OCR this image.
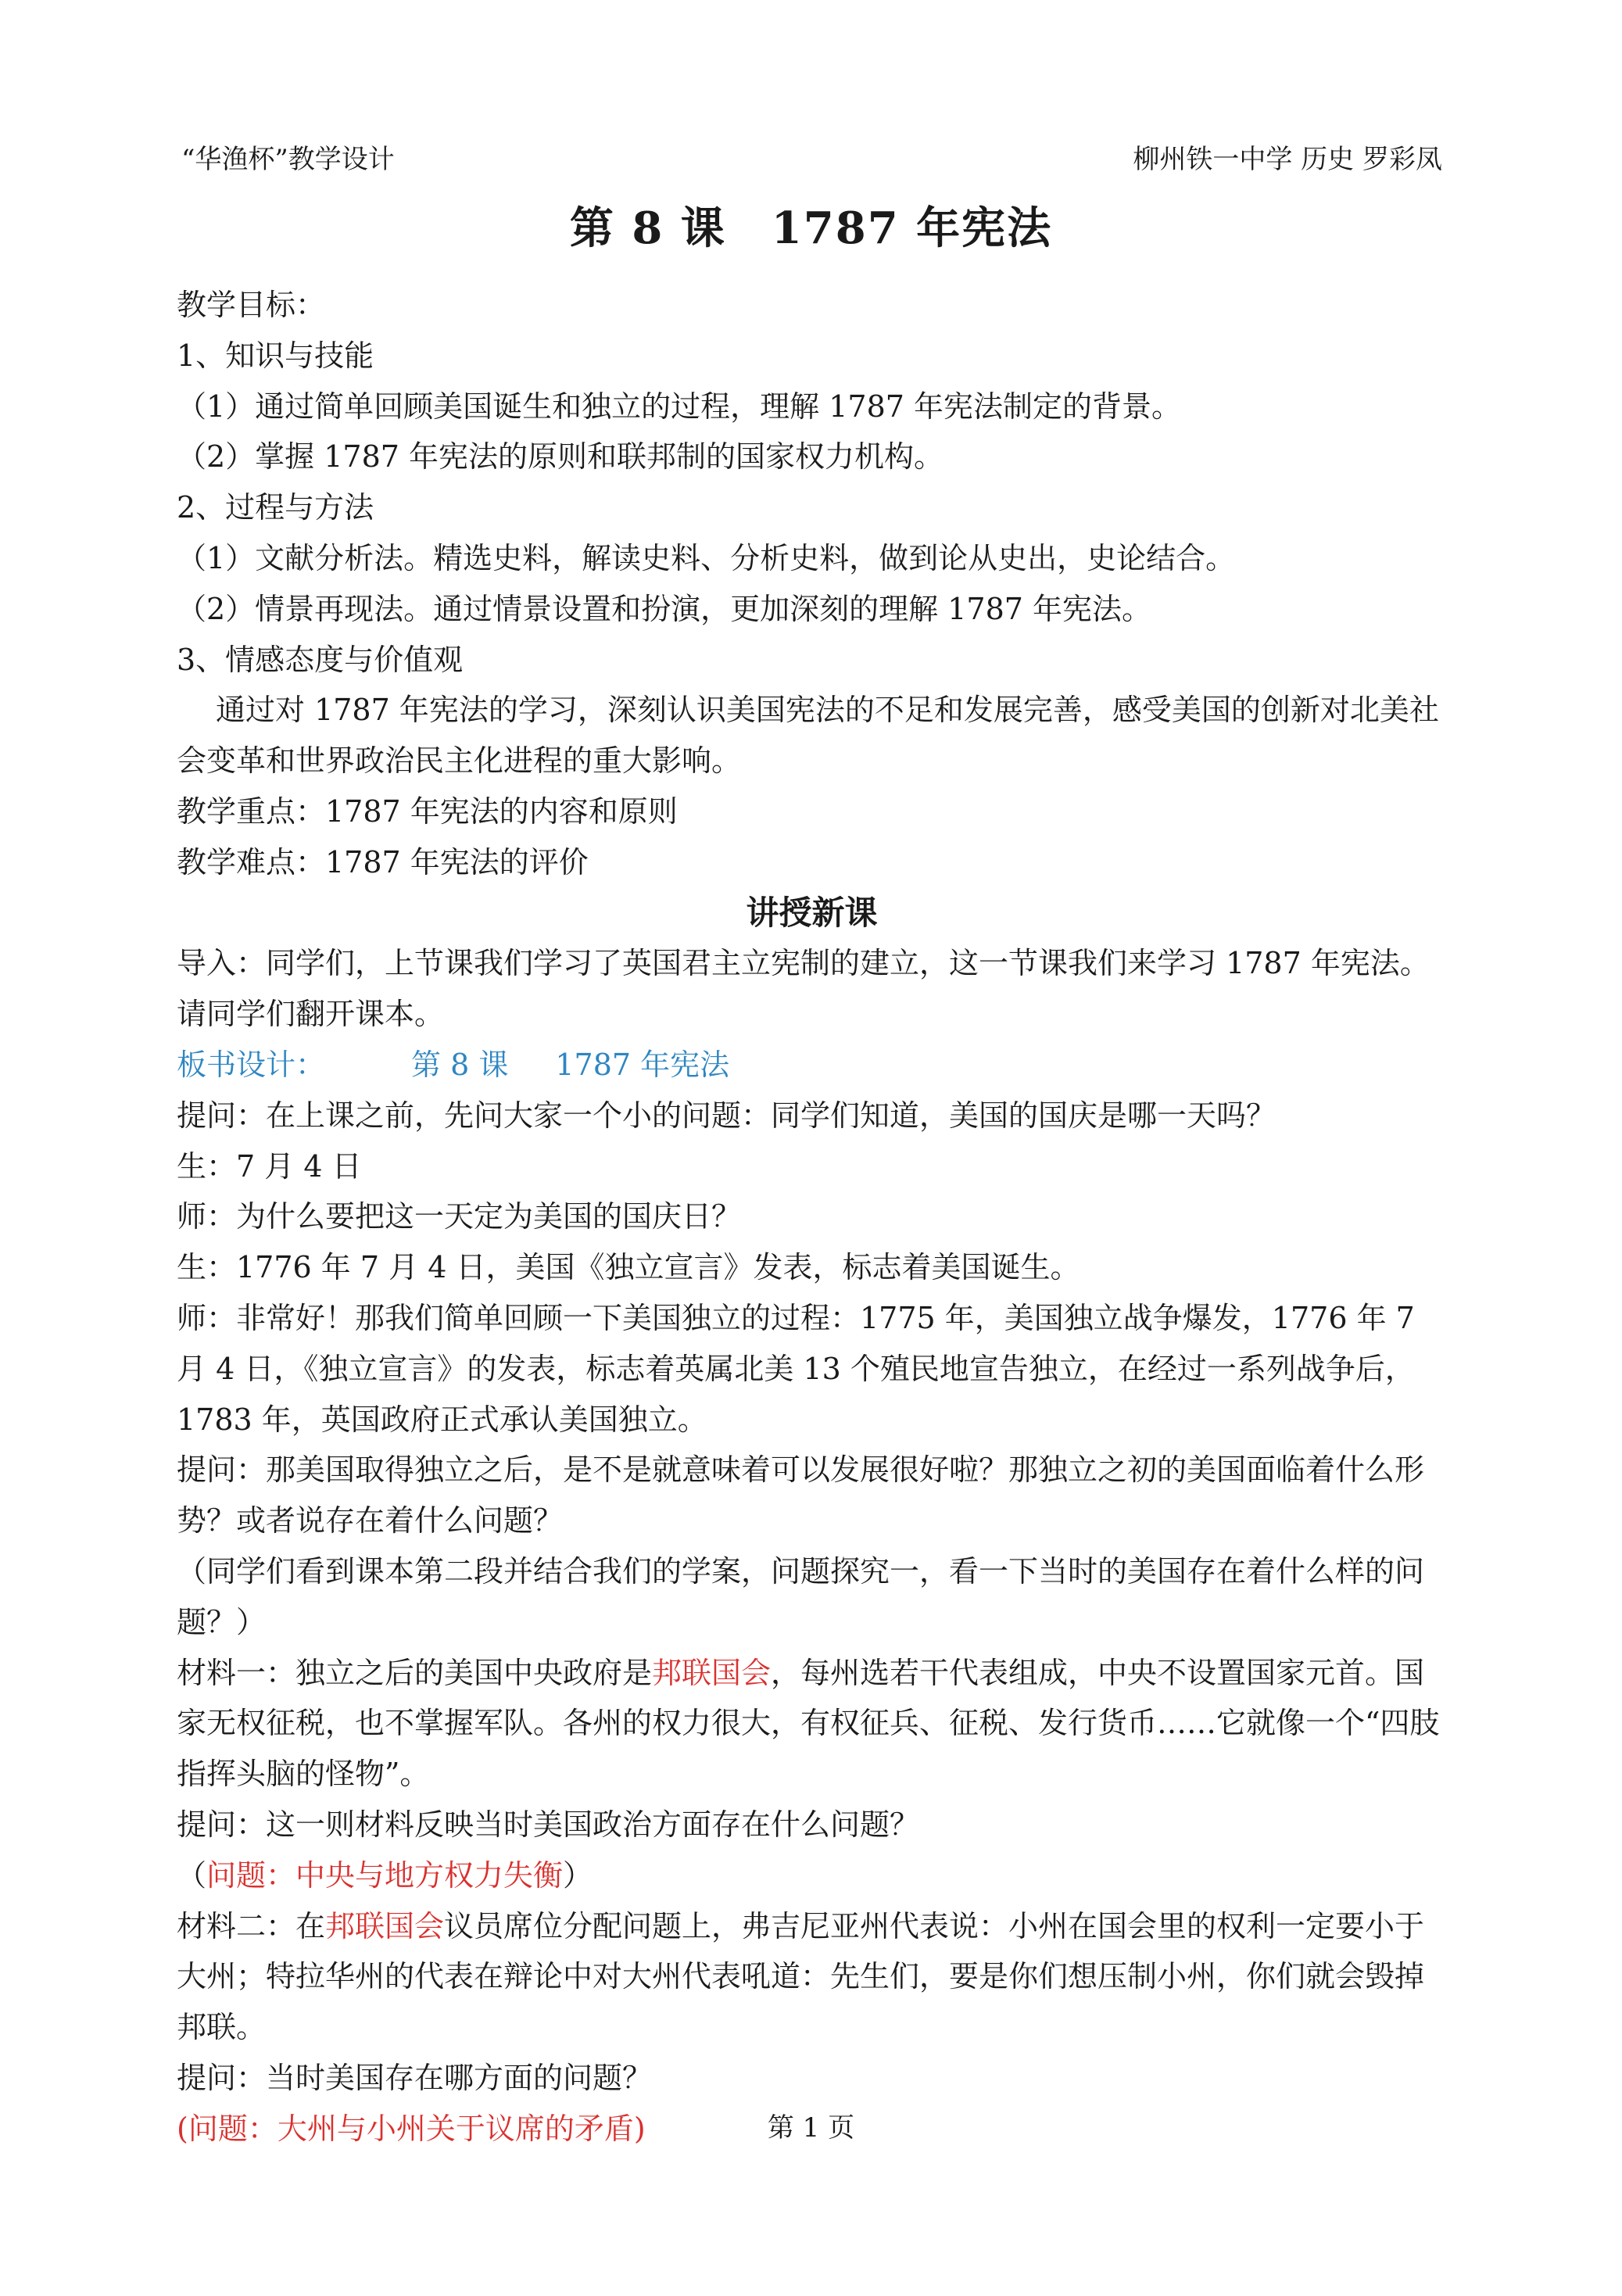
“华渔杯”教学设计	柳州铁一中学 历史 罗彩凤
第 8 课　1787 年宪法

教学目标：

1、知识与技能

（1）通过简单回顾美国诞生和独立的过程，理解 1787 年宪法制定的背景。

（2）掌握 1787 年宪法的原则和联邦制的国家权力机构。

2、过程与方法

（1）文献分析法。精选史料，解读史料、分析史料，做到论从史出，史论结合。

（2）情景再现法。通过情景设置和扮演，更加深刻的理解 1787 年宪法。

3、情感态度与价值观

通过对 1787 年宪法的学习，深刻认识美国宪法的不足和发展完善，感受美国的创新对北美社会变革和世界政治民主化进程的重大影响。

教学重点：1787 年宪法的内容和原则

教学难点：1787 年宪法的评价

讲授新课

导入：同学们，上节课我们学习了英国君主立宪制的建立，这一节课我们来学习 1787 年宪法。请同学们翻开课本。

板书设计：	第 8 课 1787 年宪法

提问：在上课之前，先问大家一个小的问题：同学们知道，美国的国庆是哪一天吗？

生：7 月 4 日

师：为什么要把这一天定为美国的国庆日？

生：1776 年 7 月 4 日，美国《独立宣言》发表，标志着美国诞生。

师：非常好！那我们简单回顾一下美国独立的过程：1775 年，美国独立战争爆发，1776 年 7 月 4 日，《独立宣言》的发表，标志着英属北美 13 个殖民地宣告独立，在经过一系列战争后，1783 年，英国政府正式承认美国独立。

提问：那美国取得独立之后，是不是就意味着可以发展很好啦？那独立之初的美国面临着什么形势？或者说存在着什么问题？

（同学们看到课本第二段并结合我们的学案，问题探究一，看一下当时的美国存在着什么样的问题？）

材料一：独立之后的美国中央政府是邦联国会，每州选若干代表组成，中央不设置国家元首。国家无权征税，也不掌握军队。各州的权力很大，有权征兵、征税、发行货币……它就像一个“四肢指挥头脑的怪物”。

提问：这一则材料反映当时美国政治方面存在什么问题？

（问题：中央与地方权力失衡）

材料二：在邦联国会议员席位分配问题上，弗吉尼亚州代表说：小州在国会里的权利一定要小于大州；特拉华州的代表在辩论中对大州代表吼道：先生们，要是你们想压制小州，你们就会毁掉邦联。

提问：当时美国存在哪方面的问题？

(问题：大州与小州关于议席的矛盾)	第 1 页
